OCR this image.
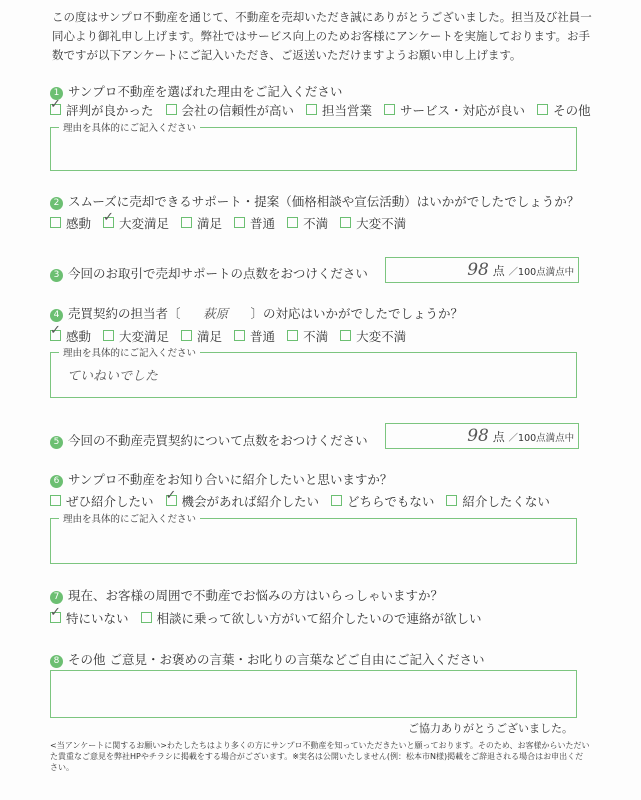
この度はサンプロ不動産を通じて、不動産を売却いただき誠にありがとうございました。担当及び社員一同心より御礼申し上げます。弊社ではサービス向上のためお客様にアンケートを実施しております。お手数ですが以下アンケートにご記入いただき、ご返送いただけますようお願い申し上げます。
1 サンプロ不動産を選ばれた理由をご記入ください
✓評判が良かった 会社の信頼性が高い 担当営業 サービス・対応が良い その他
理由を具体的にご記入ください
2 スムーズに売却できるサポート・提案（価格相談や宣伝活動）はいかがでしたでしょうか？
感動 ✓ 大変満足 満足 普通 不満 大変不満
3 今回のお取引で売却サポートの点数をおつけください	98 点 ／100点満点中
4 売買契約の担当者〔 萩原 〕の対応はいかがでしたでしょうか？
✓感動 大変満足 満足 普通 不満 大変不満
理由を具体的にご記入ください
ていねいでした
5 今回の不動産売買契約について点数をおつけください	98 点 ／100点満点中
6 サンプロ不動産をお知り合いに紹介したいと思いますか？
ぜひ紹介したい ✓ 機会があれば紹介したい どちらでもない 紹介したくない
理由を具体的にご記入ください
7 現在、お客様の周囲で不動産でお悩みの方はいらっしゃいますか？
✓特にいない 相談に乗って欲しい方がいて紹介したいので連絡が欲しい
8 その他 ご意見・お褒めの言葉・お叱りの言葉などご自由にご記入ください
ご協力ありがとうございました。
<当アンケートに関するお願い>わたしたちはより多くの方にサンプロ不動産を知っていただきたいと願っております。そのため、お客様からいただいた貴重なご意見を弊社HPやチラシに掲載をする場合がございます。※実名は公開いたしません(例：松本市N様)掲載をご辞退される場合はお申出ください。
